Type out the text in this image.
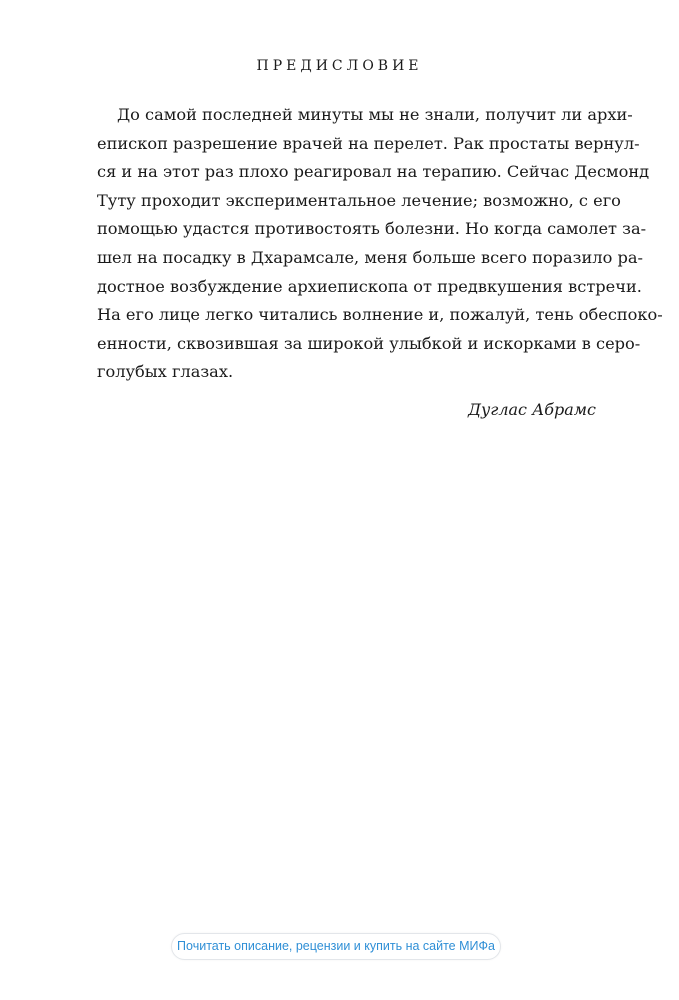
ПРЕДИСЛОВИЕ
До самой последней минуты мы не знали, получит ли архи-
епископ разрешение врачей на перелет. Рак простаты вернул-
ся и на этот раз плохо реагировал на терапию. Сейчас Десмонд
Туту проходит экспериментальное лечение; возможно, с его
помощью удастся противостоять болезни. Но когда самолет за-
шел на посадку в Дхарамсале, меня больше всего поразило ра-
достное возбуждение архиепископа от предвкушения встречи.
На его лице легко читались волнение и, пожалуй, тень обеспоко-
енности, сквозившая за широкой улыбкой и искорками в серо-
голубых глазах.
Дуглас Абрамс
Почитать описание, рецензии и купить на сайте МИФа
